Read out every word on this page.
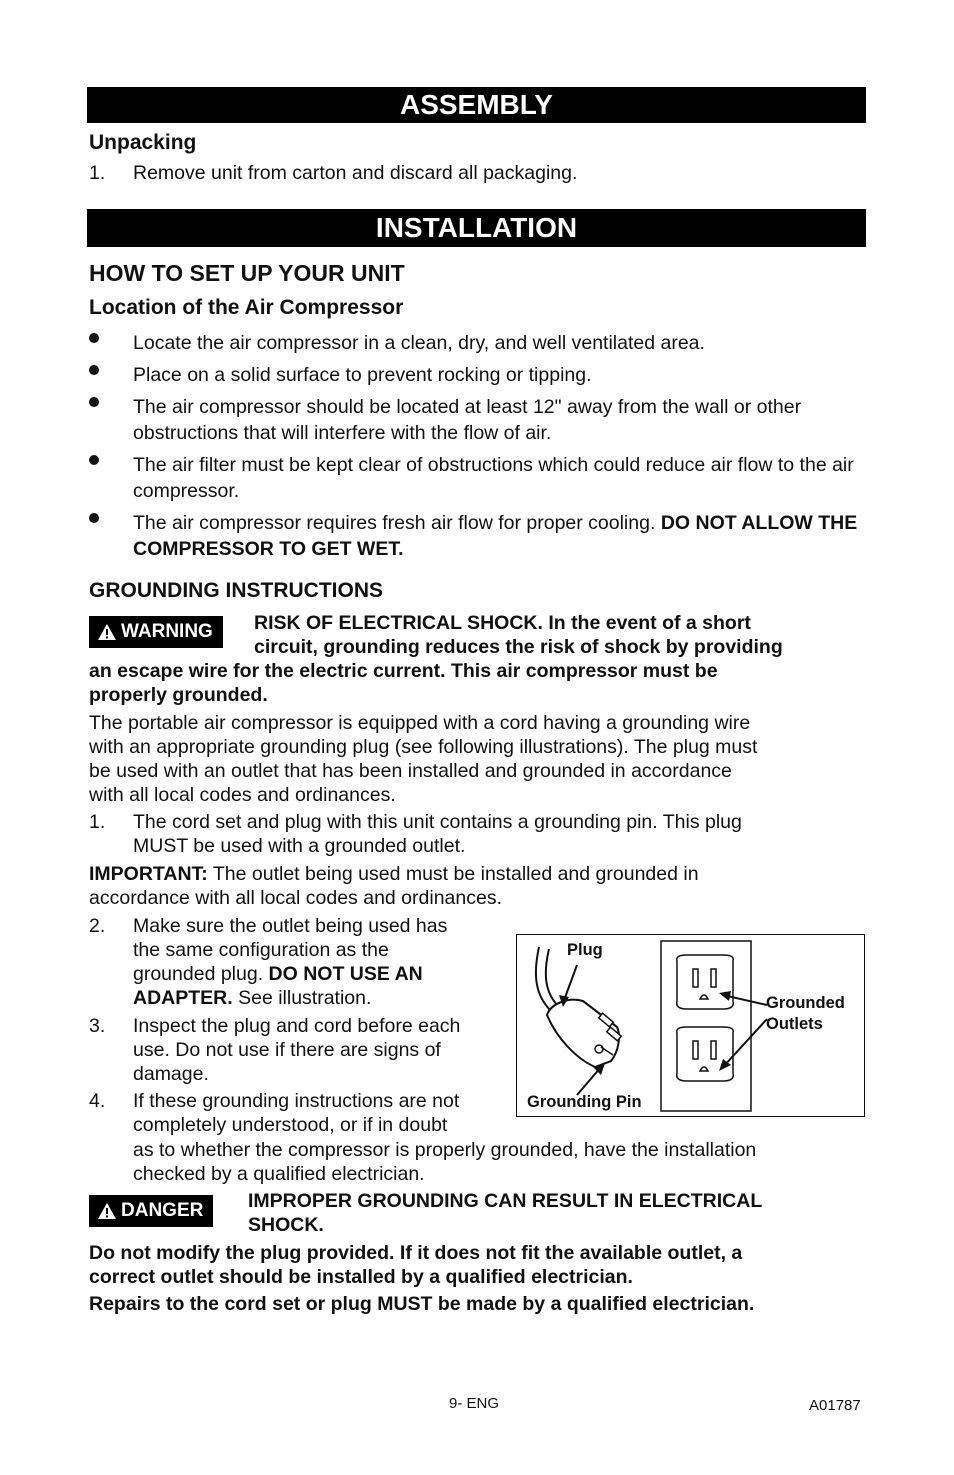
ASSEMBLY
Unpacking
1. Remove unit from carton and discard all packaging.
INSTALLATION
HOW TO SET UP YOUR UNIT
Location of the Air Compressor
Locate the air compressor in a clean, dry, and well ventilated area.
Place on a solid surface to prevent rocking or tipping.
The air compressor should be located at least 12" away from the wall or other obstructions that will interfere with the flow of air.
The air filter must be kept clear of obstructions which could reduce air flow to the air compressor.
The air compressor requires fresh air flow for proper cooling. DO NOT ALLOW THE COMPRESSOR TO GET WET.
GROUNDING INSTRUCTIONS
WARNING RISK OF ELECTRICAL SHOCK. In the event of a short
circuit, grounding reduces the risk of shock by providing
an escape wire for the electric current. This air compressor must be
properly grounded.
The portable air compressor is equipped with a cord having a grounding wire
with an appropriate grounding plug (see following illustrations). The plug must
be used with an outlet that has been installed and grounded in accordance
with all local codes and ordinances.
1. The cord set and plug with this unit contains a grounding pin. This plug
MUST be used with a grounded outlet.
IMPORTANT: The outlet being used must be installed and grounded in
accordance with all local codes and ordinances.
2. Make sure the outlet being used has
the same configuration as the
grounded plug. DO NOT USE AN
ADAPTER. See illustration.
3. Inspect the plug and cord before each
use. Do not use if there are signs of
damage.
4. If these grounding instructions are not
completely understood, or if in doubt
as to whether the compressor is properly grounded, have the installation
checked by a qualified electrician.
Plug
Grounding Pin
Grounded
Outlets
DANGER IMPROPER GROUNDING CAN RESULT IN ELECTRICAL
SHOCK.
Do not modify the plug provided. If it does not fit the available outlet, a
correct outlet should be installed by a qualified electrician.
Repairs to the cord set or plug MUST be made by a qualified electrician.
9- ENG	A01787
